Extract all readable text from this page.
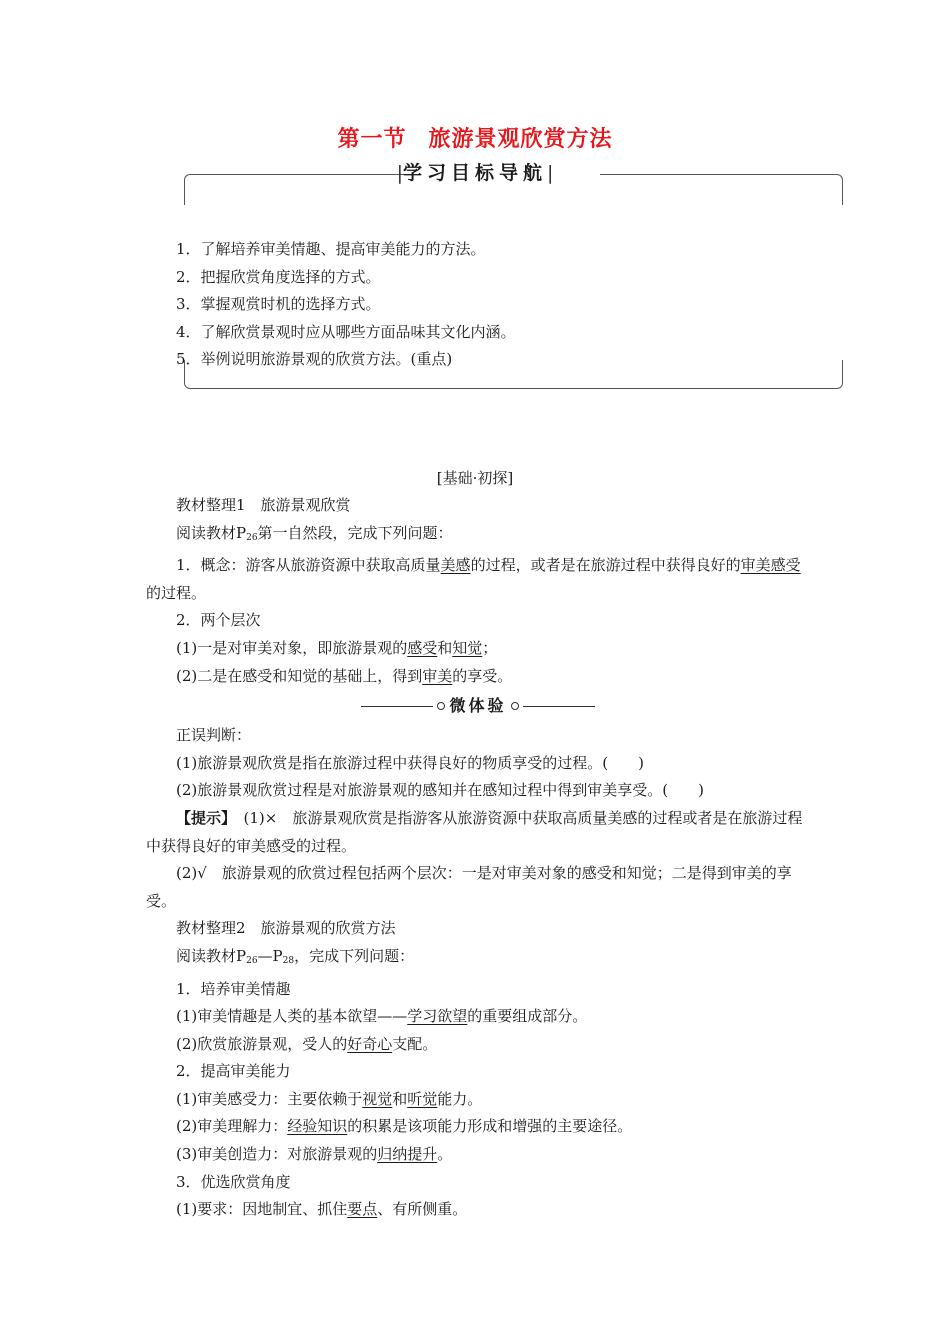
第一节 旅游景观欣赏方法
|学习目标导航|
1．了解培养审美情趣、提高审美能力的方法。
2．把握欣赏角度选择的方式。
3．掌握观赏时机的选择方式。
4．了解欣赏景观时应从哪些方面品味其文化内涵。
5．举例说明旅游景观的欣赏方法。(重点)
[基础·初探]

教材整理1　旅游景观欣赏

阅读教材$P_{26}$第一自然段，完成下列问题：

1．概念：游客从旅游资源中获取高质量美感的过程，或者是在旅游过程中获得良好的审美感受的过程。

2．两个层次

(1)一是对审美对象，即旅游景观的感受和知觉；

(2)二是在感受和知觉的基础上，得到审美的享受。

微体验

正误判断：

(1)旅游景观欣赏是指在旅游过程中获得良好的物质享受的过程。(　　)

(2)旅游景观欣赏过程是对旅游景观的感知并在感知过程中得到审美享受。(　　)

【提示】　(1)×　旅游景观欣赏是指游客从旅游资源中获取高质量美感的过程或者是在旅游过程中获得良好的审美感受的过程。

(2)√　旅游景观的欣赏过程包括两个层次：一是对审美对象的感受和知觉；二是得到审美的享受。

教材整理2　旅游景观的欣赏方法

阅读教材$P_{26}—P_{28}$，完成下列问题：

1．培养审美情趣

(1)审美情趣是人类的基本欲望——学习欲望的重要组成部分。

(2)欣赏旅游景观，受人的好奇心支配。

2．提高审美能力

(1)审美感受力：主要依赖于视觉和听觉能力。

(2)审美理解力：经验知识的积累是该项能力形成和增强的主要途径。

(3)审美创造力：对旅游景观的归纳提升。

3．优选欣赏角度

(1)要求：因地制宜、抓住要点、有所侧重。
